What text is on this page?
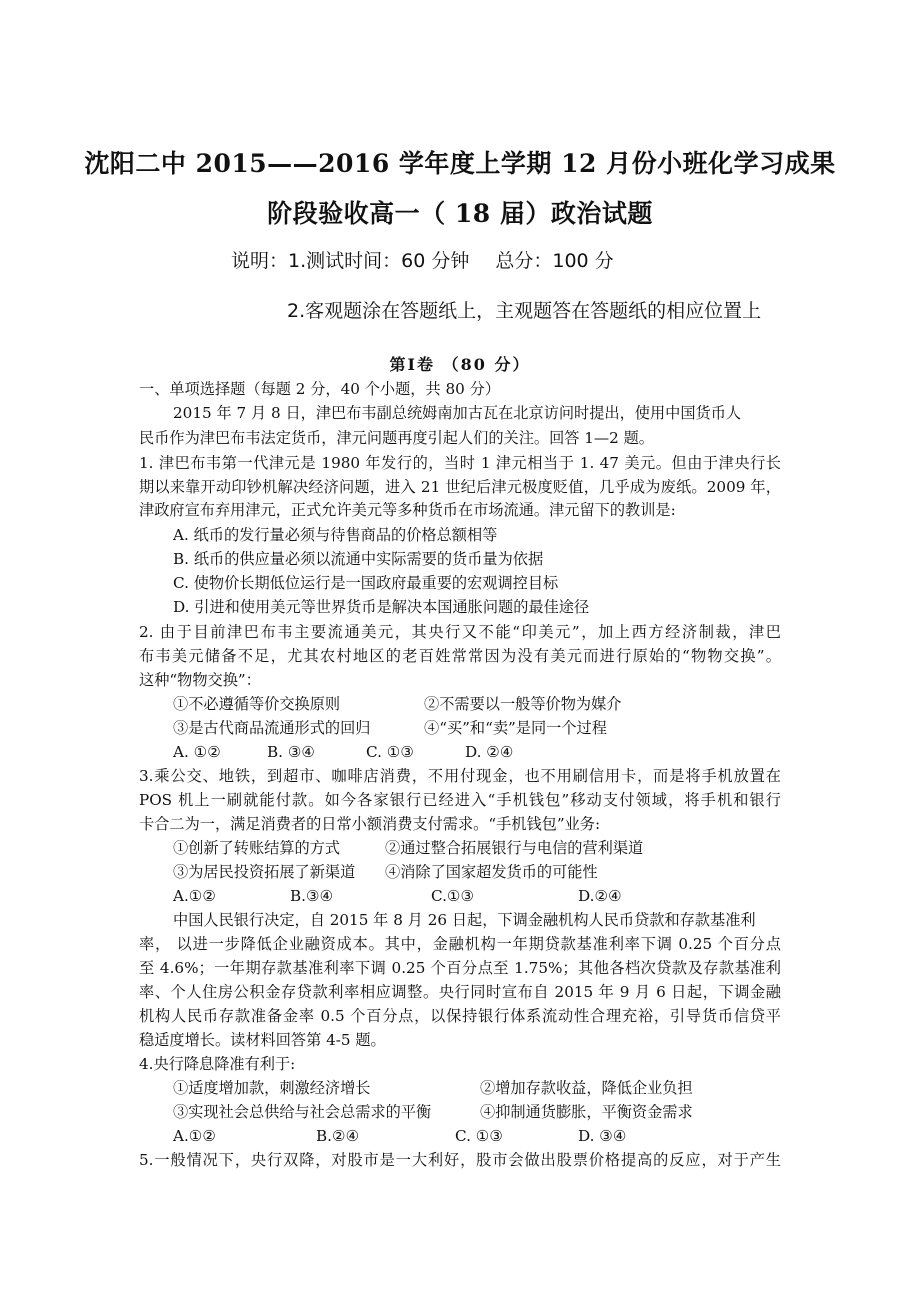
沈阳二中 2015——2016 学年度上学期 12 月份小班化学习成果
阶段验收高一（ 18 届）政治试题
说明：1.测试时间：60 分钟 总分：100 分
2.客观题涂在答题纸上，主观题答在答题纸的相应位置上
第Ⅰ卷 （80 分）
一、单项选择题（每题 2 分，40 个小题，共 80 分）
2015 年 7 月 8 日，津巴布韦副总统姆南加古瓦在北京访问时提出，使用中国货币人
民币作为津巴布韦法定货币，津元问题再度引起人们的关注。回答 1—2 题。
1. 津巴布韦第一代津元是 1980 年发行的，当时 1 津元相当于 1. 47 美元。但由于津央行长
期以来靠开动印钞机解决经济问题，进入 21 世纪后津元极度贬值，几乎成为废纸。2009 年，
津政府宣布弃用津元，正式允许美元等多种货币在市场流通。津元留下的教训是:
A. 纸币的发行量必须与待售商品的价格总额相等
B. 纸币的供应量必须以流通中实际需要的货币量为依据
C. 使物价长期低位运行是一国政府最重要的宏观调控目标
D. 引进和使用美元等世界货币是解决本国通胀问题的最佳途径
2. 由于目前津巴布韦主要流通美元，其央行又不能“印美元”，加上西方经济制裁，津巴
布韦美元储备不足，尤其农村地区的老百姓常常因为没有美元而进行原始的“物物交换”。
这种“物物交换”：
①不必遵循等价交换原则	②不需要以一般等价物为媒介
③是古代商品流通形式的回归	④“买”和“卖”是同一个过程
A. ①②	B. ③④	C. ①③	D. ②④
3.乘公交、地铁，到超市、咖啡店消费，不用付现金，也不用刷信用卡，而是将手机放置在
POS 机上一刷就能付款。如今各家银行已经进入“手机钱包”移动支付领域，将手机和银行
卡合二为一，满足消费者的日常小额消费支付需求。“手机钱包”业务:
①创新了转账结算的方式	②通过整合拓展银行与电信的营利渠道
③为居民投资拓展了新渠道 ④消除了国家超发货币的可能性
A.①②	B.③④	C.①③	D.②④
中国人民银行决定，自 2015 年 8 月 26 日起，下调金融机构人民币贷款和存款基准利
率， 以进一步降低企业融资成本。其中，金融机构一年期贷款基准利率下调 0.25 个百分点
至 4.6%；一年期存款基准利率下调 0.25 个百分点至 1.75%；其他各档次贷款及存款基准利
率、个人住房公积金存贷款利率相应调整。央行同时宣布自 2015 年 9 月 6 日起，下调金融
机构人民币存款准备金率 0.5 个百分点，以保持银行体系流动性合理充裕，引导货币信贷平
稳适度增长。读材料回答第 4-5 题。
4.央行降息降准有利于:
①适度增加款，刺激经济增长	②增加存款收益，降低企业负担
③实现社会总供给与社会总需求的平衡	④抑制通货膨胀，平衡资金需求
A.①②	B.②④	C. ①③	D. ③④
5.一般情况下，央行双降，对股市是一大利好，股市会做出股票价格提高的反应，对于产生
